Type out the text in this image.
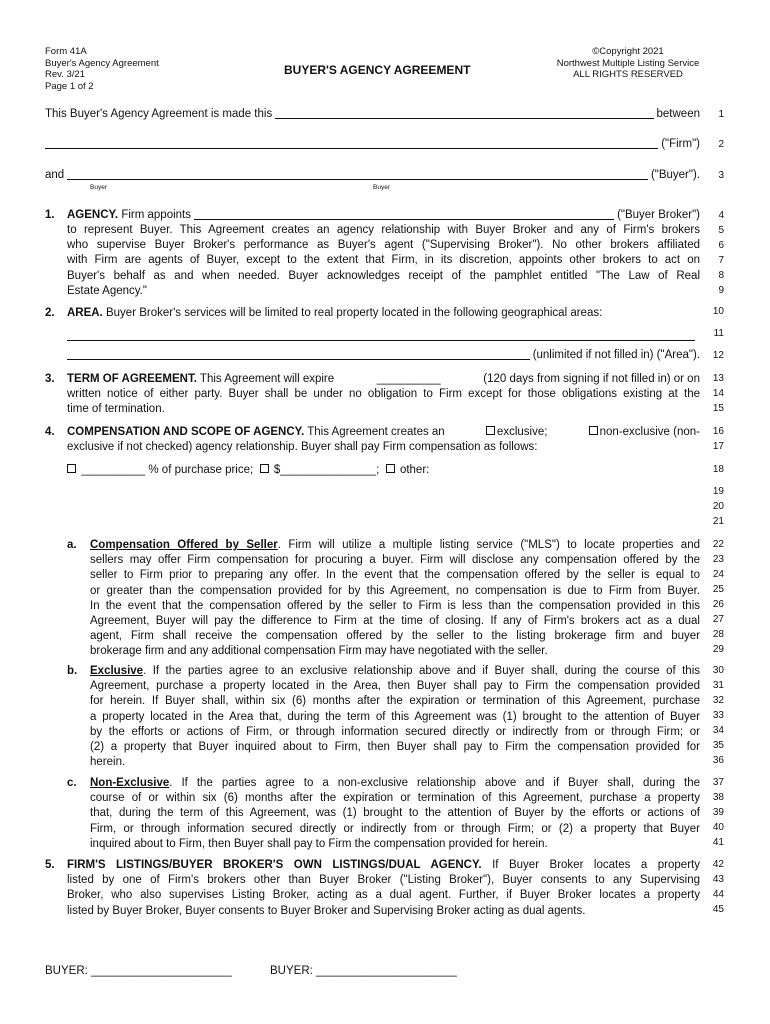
Form 41A
Buyer's Agency Agreement
Rev. 3/21
Page 1 of 2
BUYER'S AGENCY AGREEMENT
©Copyright 2021
Northwest Multiple Listing Service
ALL RIGHTS RESERVED
This Buyer's Agency Agreement is made this	between
("Firm")
and	("Buyer").
Buyer	Buyer
1. AGENCY.
Firm appoints	("Buyer Broker")
to represent Buyer. This Agreement creates an agency relationship with Buyer Broker and any of Firm's brokers
who supervise Buyer Broker's performance as Buyer's agent ("Supervising Broker"). No other brokers affiliated
with Firm are agents of Buyer, except to the extent that Firm, in its discretion, appoints other brokers to act on
Buyer's behalf as and when needed. Buyer acknowledges receipt of the pamphlet entitled "The Law of Real
Estate Agency."
2. AREA. Buyer Broker's services will be limited to real property located in the following geographical areas:
(unlimited if not filled in) ("Area").
3. TERM OF AGREEMENT. This Agreement will expire	__________	(120 days from signing if not filled in) or on
written notice of either party. Buyer shall be under no obligation to Firm except for those obligations existing at the
time of termination.
4. COMPENSATION AND SCOPE OF AGENCY. This Agreement creates an	exclusive;	non-exclusive (non-
exclusive if not checked) agency relationship. Buyer shall pay Firm compensation as follows:
__________ % of purchase price; $_______________; other:
a. Compensation Offered by Seller. Firm will utilize a multiple listing service ("MLS") to locate properties and
sellers may offer Firm compensation for procuring a buyer. Firm will disclose any compensation offered by the
seller to Firm prior to preparing any offer. In the event that the compensation offered by the seller is equal to
or greater than the compensation provided for by this Agreement, no compensation is due to Firm from Buyer.
In the event that the compensation offered by the seller to Firm is less than the compensation provided in this
Agreement, Buyer will pay the difference to Firm at the time of closing. If any of Firm's brokers act as a dual
agent, Firm shall receive the compensation offered by the seller to the listing brokerage firm and buyer
brokerage firm and any additional compensation Firm may have negotiated with the seller.
b. Exclusive. If the parties agree to an exclusive relationship above and if Buyer shall, during the course of this
Agreement, purchase a property located in the Area, then Buyer shall pay to Firm the compensation provided
for herein. If Buyer shall, within six (6) months after the expiration or termination of this Agreement, purchase
a property located in the Area that, during the term of this Agreement was (1) brought to the attention of Buyer
by the efforts or actions of Firm, or through information secured directly or indirectly from or through Firm; or
(2) a property that Buyer inquired about to Firm, then Buyer shall pay to Firm the compensation provided for
herein.
c. Non-Exclusive. If the parties agree to a non-exclusive relationship above and if Buyer shall, during the
course of or within six (6) months after the expiration or termination of this Agreement, purchase a property
that, during the term of this Agreement, was (1) brought to the attention of Buyer by the efforts or actions of
Firm, or through information secured directly or indirectly from or through Firm; or (2) a property that Buyer
inquired about to Firm, then Buyer shall pay to Firm the compensation provided for herein.
5. FIRM'S LISTINGS/BUYER BROKER'S OWN LISTINGS/DUAL AGENCY. If Buyer Broker locates a property
listed by one of Firm's brokers other than Buyer Broker ("Listing Broker"), Buyer consents to any Supervising
Broker, who also supervises Listing Broker, acting as a dual agent. Further, if Buyer Broker locates a property
listed by Buyer Broker, Buyer consents to Buyer Broker and Supervising Broker acting as dual agents.
BUYER: ______________________	BUYER: ______________________
1
2
3
4
5
6
7
8
9
10
11
12
13
14
15
16
17
18
19
20
21
22
23
24
25
26
27
28
29
30
31
32
33
34
35
36
37
38
39
40
41
42
43
44
45
